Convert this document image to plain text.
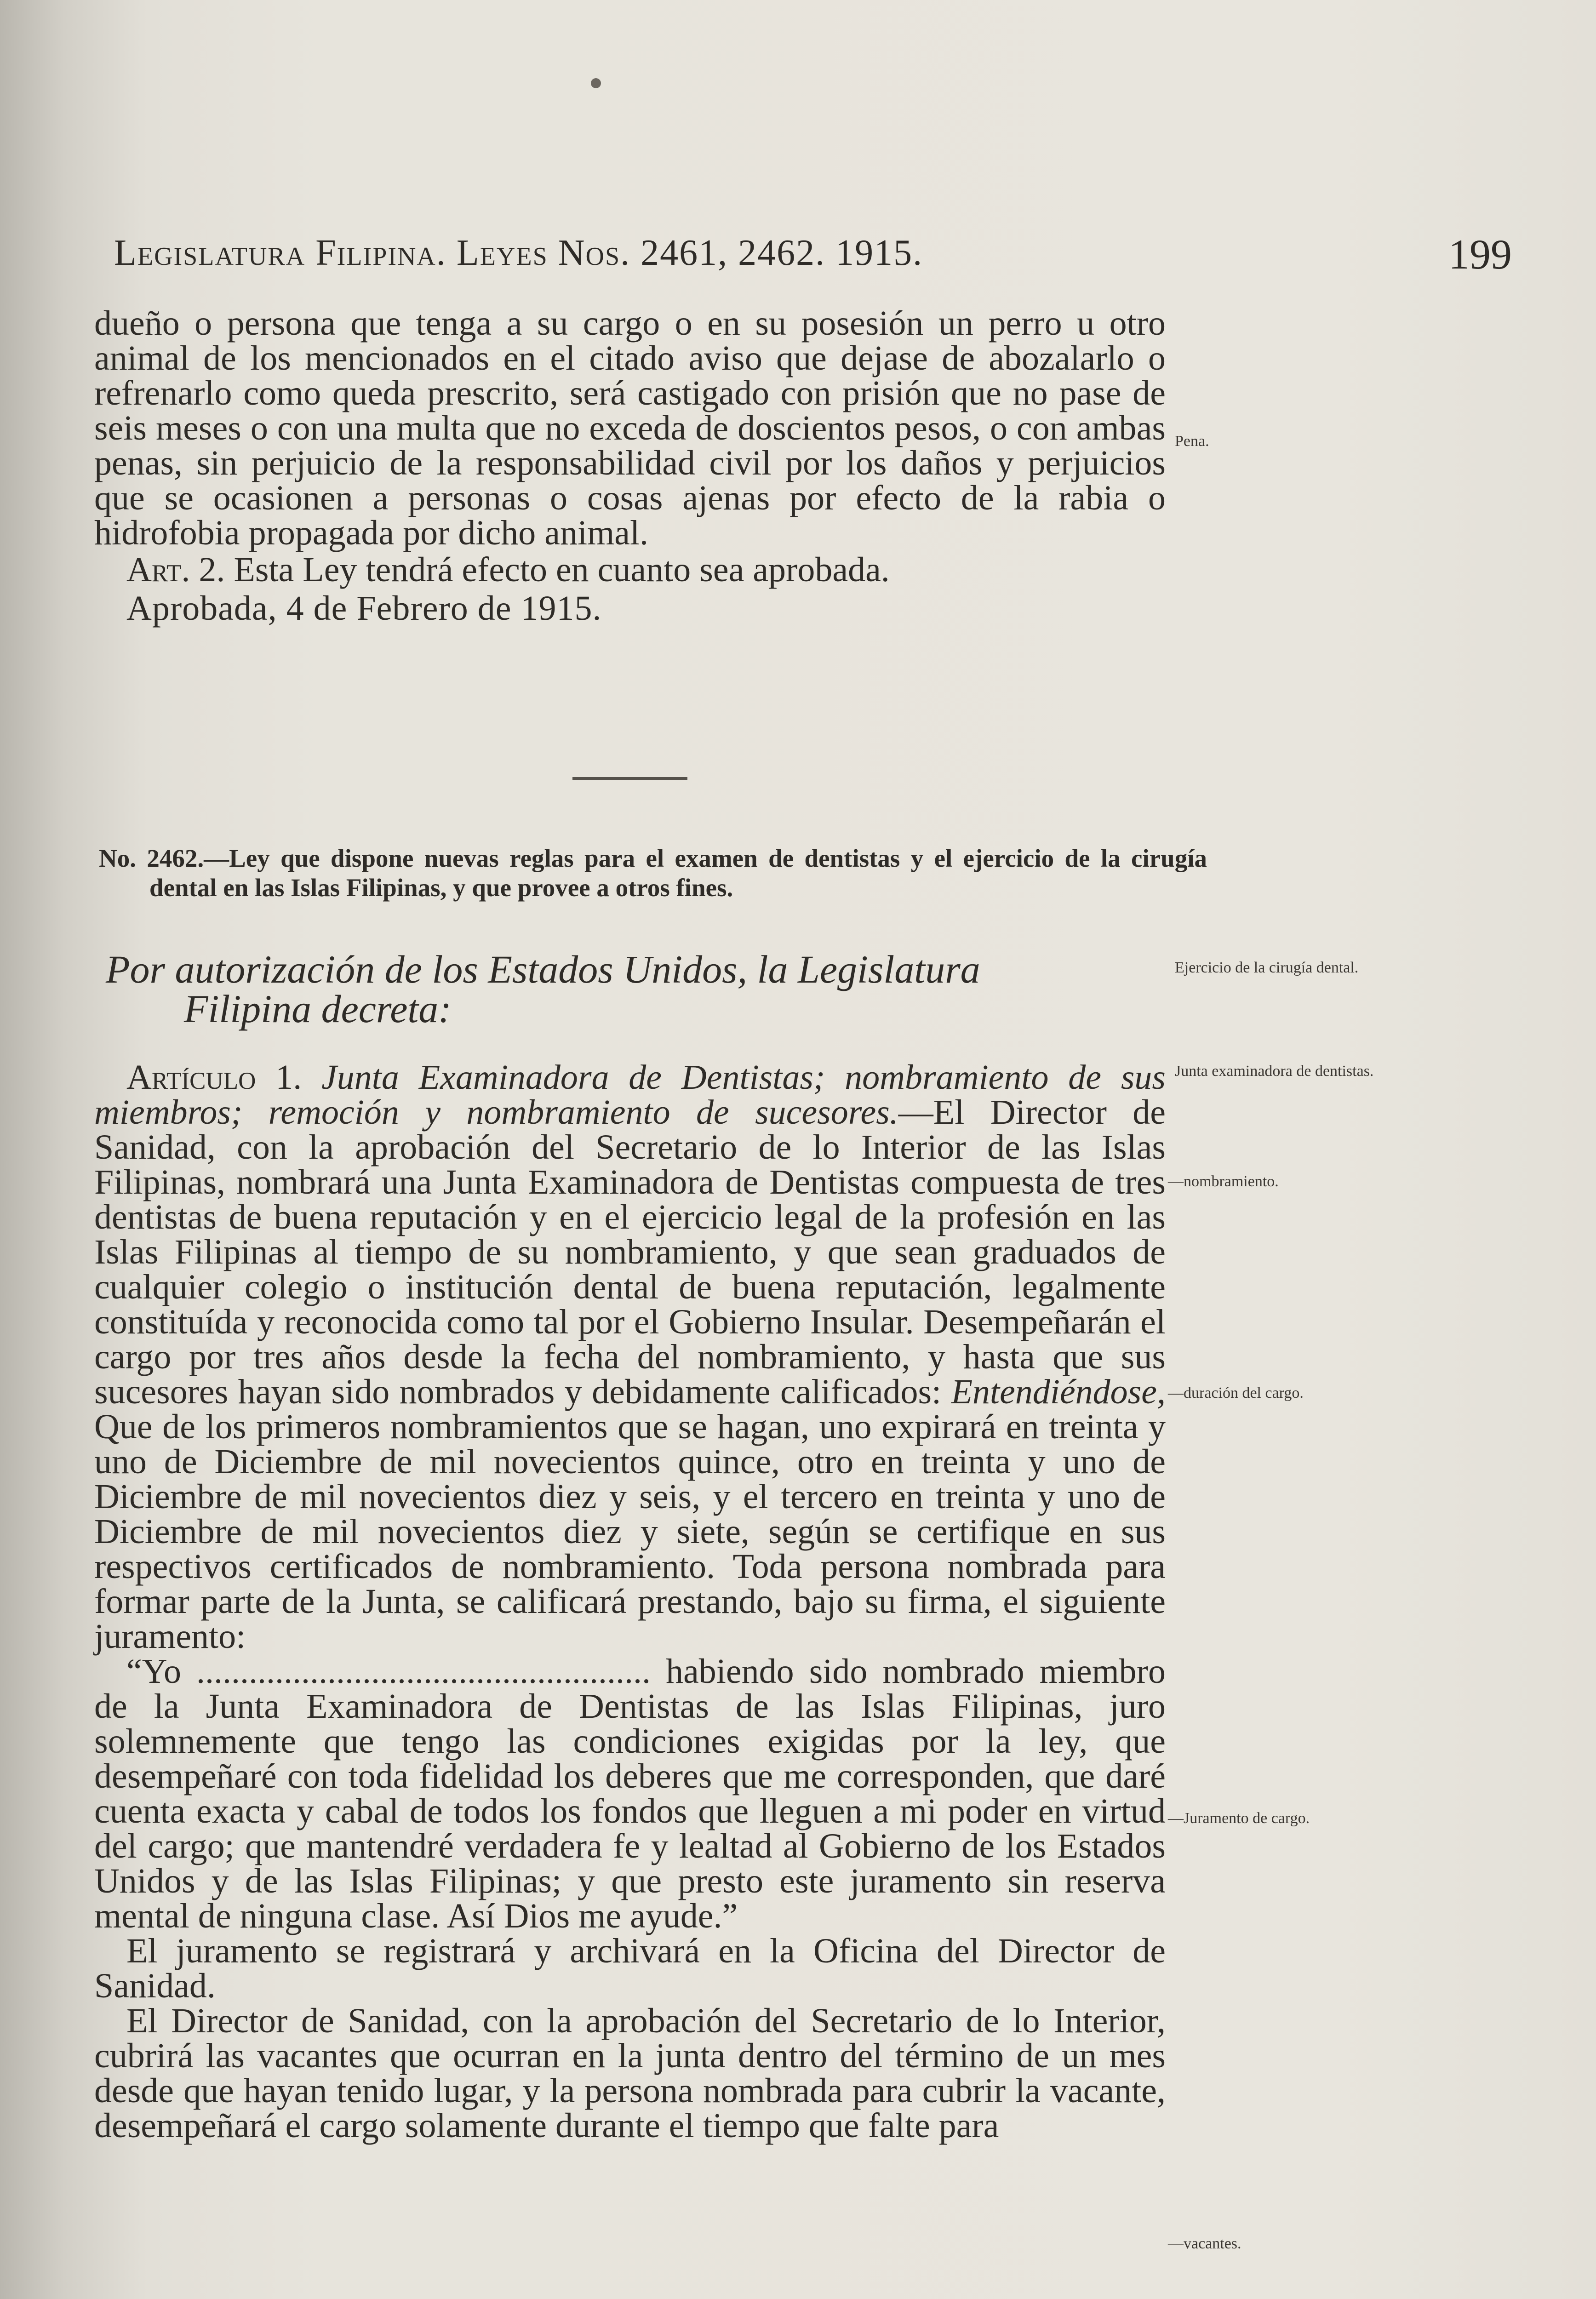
Legislatura Filipina. Leyes Nos. 2461, 2462. 1915.	199

dueño o persona que tenga a su cargo o en su posesión un perro u otro animal de los mencionados en el citado aviso que dejase de abozalarlo o refrenarlo como queda prescrito, será castigado con prisión que no pase de seis meses o con una multa que no exceda de doscientos pesos, o con ambas penas, sin perjuicio de la responsabilidad civil por los daños y perjuicios que se ocasionen a personas o cosas ajenas por efecto de la rabia o hidrofobia propagada por dicho animal.

Art. 2. Esta Ley tendrá efecto en cuanto sea aprobada.

Aprobada, 4 de Febrero de 1915.

No. 2462.—Ley que dispone nuevas reglas para el examen de dentistas y el ejercicio de la cirugía dental en las Islas Filipinas, y que provee a otros fines.
Por autorización de los Estados Unidos, la Legislatura
Filipina decreta:

Artículo 1. Junta Examinadora de Dentistas; nombramiento de sus miembros; remoción y nombramiento de sucesores.—El Director de Sanidad, con la aprobación del Secretario de lo Interior de las Islas Filipinas, nombrará una Junta Examinadora de Dentistas compuesta de tres dentistas de buena reputación y en el ejercicio legal de la profesión en las Islas Filipinas al tiempo de su nombramiento, y que sean graduados de cualquier colegio o institución dental de buena reputación, legalmente constituída y reconocida como tal por el Gobierno Insular. Desempeñarán el cargo por tres años desde la fecha del nombramiento, y hasta que sus sucesores hayan sido nombrados y debidamente calificados: Entendiéndose, Que de los primeros nombramientos que se hagan, uno expirará en treinta y uno de Diciembre de mil novecientos quince, otro en treinta y uno de Diciembre de mil novecientos diez y seis, y el tercero en treinta y uno de Diciembre de mil novecientos diez y siete, según se certifique en sus respectivos certificados de nombramiento. Toda persona nombrada para formar parte de la Junta, se calificará prestando, bajo su firma, el siguiente juramento:

“Yo .................................................... habiendo sido nombrado miembro de la Junta Examinadora de Dentistas de las Islas Filipinas, juro solemnemente que tengo las condiciones exigidas por la ley, que desempeñaré con toda fidelidad los deberes que me corresponden, que daré cuenta exacta y cabal de todos los fondos que lleguen a mi poder en virtud del cargo; que mantendré verdadera fe y lealtad al Gobierno de los Estados Unidos y de las Islas Filipinas; y que presto este juramento sin reserva mental de ninguna clase. Así Dios me ayude.”

El juramento se registrará y archivará en la Oficina del Director de Sanidad.

El Director de Sanidad, con la aprobación del Secretario de lo Interior, cubrirá las vacantes que ocurran en la junta dentro del término de un mes desde que hayan tenido lugar, y la persona nombrada para cubrir la vacante, desempeñará el cargo solamente durante el tiempo que falte para

Pena.
Ejercicio de la cirugía dental.
Junta examinadora de dentistas.
—nombramiento.
—duración del cargo.
—Juramento de cargo.
—vacantes.
